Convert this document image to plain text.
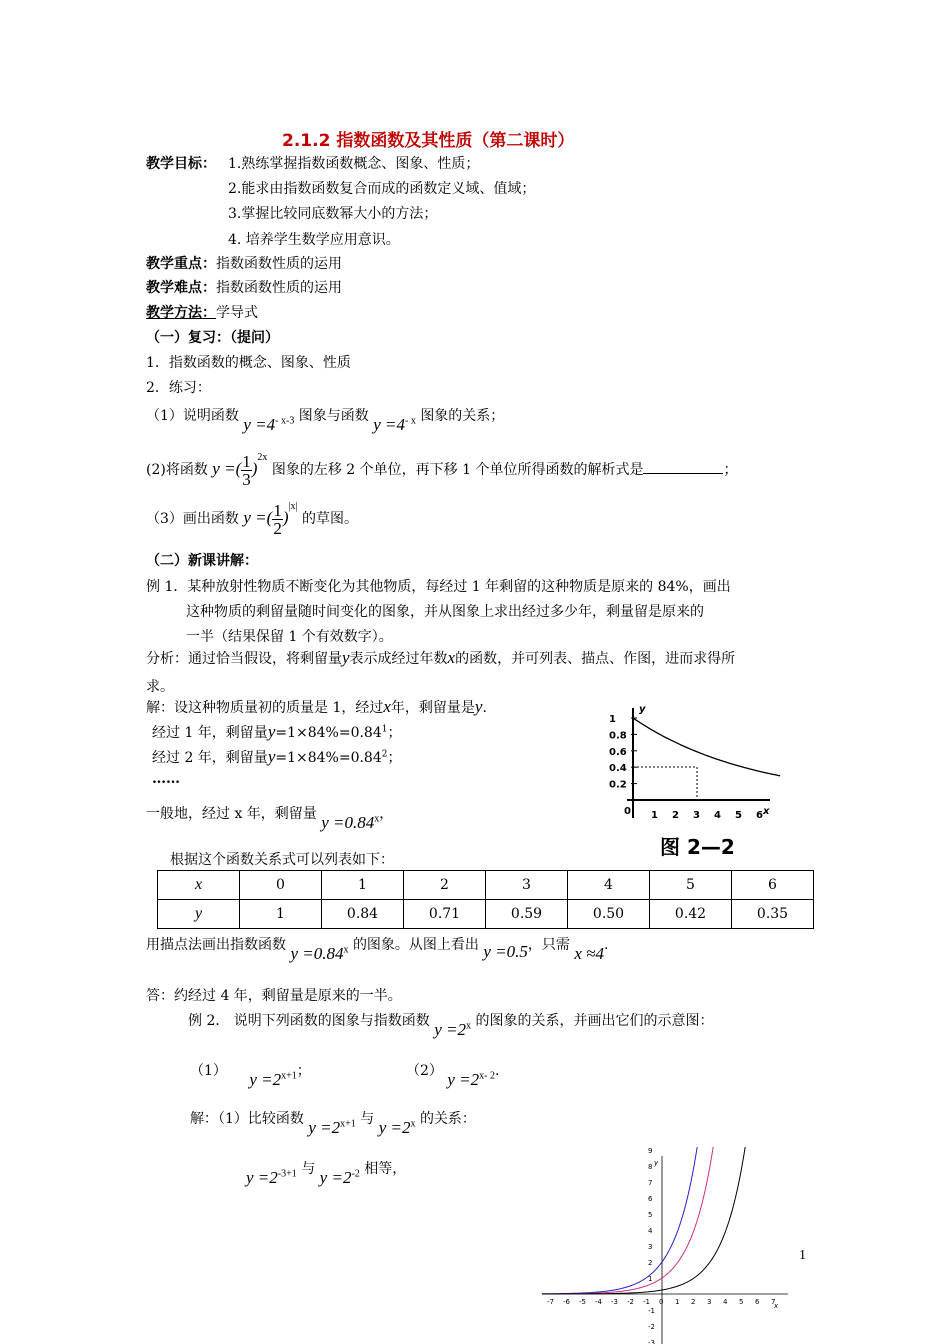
2.1.2 指数函数及其性质（第二课时）
教学目标： 1.熟练掌握指数函数概念、图象、性质；
2.能求由指数函数复合而成的函数定义域、值域；
3.掌握比较同底数幂大小的方法；
4. 培养学生数学应用意识。
教学重点：指数函数性质的运用
教学难点：指数函数性质的运用
教学方法：学导式
（一）复习：（提问）
1．指数函数的概念、图象、性质
2．练习：
（1）说明函数 $y =4^{- x-3}$ 图象与函数 $y =4^{- x}$ 图象的关系；
(2)将函数 y =( $\frac{1}{3} )^{2x}$ 图象的左移 2 个单位，再下移 1 个单位所得函数的解析式是	；
（3）画出函数 y =( $\frac{1}{2} )^{|x|}$ 的草图。
（二）新课讲解：
例 1．某种放射性物质不断变化为其他物质，每经过 1 年剩留的这种物质是原来的 84%，画出
这种物质的剩留量随时间变化的图象，并从图象上求出经过多少年，剩量留是原来的
一半（结果保留 1 个有效数字）。
分析：通过恰当假设，将剩留量y表示成经过年数x的函数，并可列表、描点、作图，进而求得所
求。
解：设这种物质量初的质量是 1，经过x年，剩留量是y.
经过 1 年，剩留量$y=1\times 84\%=0.84^1$；
经过 2 年，剩留量$y=1\times 84\%=0.84^2$；
……
一般地，经过 x 年，剩留量 $y =0.84^x$，
根据这个函数关系式可以列表如下：
x	0	1	2	3	4	5	6
y	1	0.84	0.71	0.59	0.50	0.42	0.35
用描点法画出指数函数 $y =0.84^x$ 的图象。从图上看出 y =0.5，只需 x ≈4.
答：约经过 4 年，剩留量是原来的一半。
例 2． 说明下列函数的图象与指数函数 $y =2^x$ 的图象的关系，并画出它们的示意图：
（1） $y =2^{x+1}$；	（2） $y =2^{x- 2}$.
解：（1）比较函数 $y =2^{x+1}$ 与 $y =2^x$ 的关系：
$y =2^{-3+1}$ 与 $y =2^{-2}$ 相等，
y
x
0
1
0.8
0.6
0.4
0.2
1 2 3 4 5 6
图 2—2
y
x
9
8
7
6
5
4
3
2
1
-1
-2
-3
-7 -6 -5 -4 -3 -2 -1 0 1 2 3 4 5 6 7
1
